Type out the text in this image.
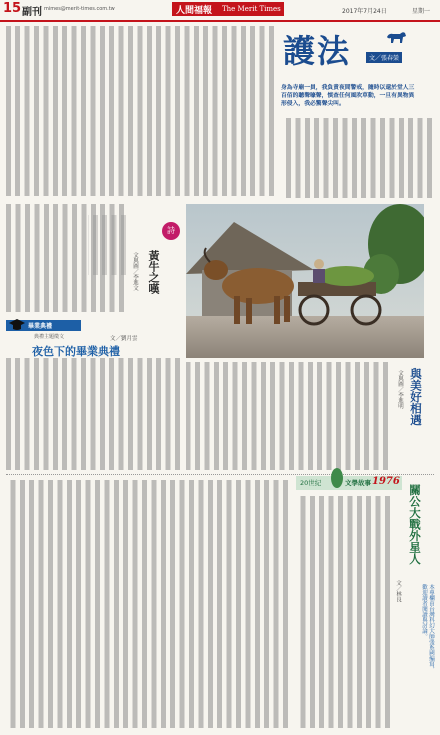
15 副刊 mimes@merit-times.com.tw	人間福報 The Merit Times	2017年7月24日	星期一
護法	文／張春榮
身為寺廟一員，我負責夜間警戒，隨時以還於堂人三百佰的聽聲嚎聲，慎查任何風吹草動，一旦有異物異形侵入，我必驚聲尖叫。
詩
黃牛之嘆
文與圖／李進文
畢業典禮
典禮主題徵文
夜色下的畢業典禮
文／劉月雲
與美好相遇
文與圖／李進明
20世紀	文學故事 1976
關公大戰外星人
文／林良	本專欄由台灣科幻大師張系國編寫，歡迎讀者閱讀與討論。
